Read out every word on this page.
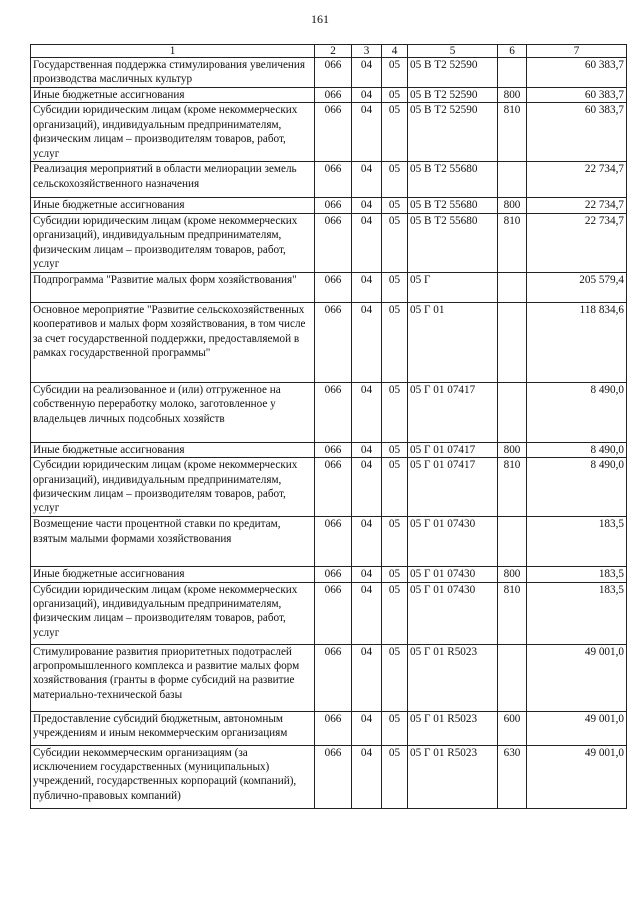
161
1	2	3	4	5	6	7
Государственная поддержка стимулирования увеличения производства масличных культур	066	04	05	05 В Т2 52590		60 383,7
Иные бюджетные ассигнования	066	04	05	05 В Т2 52590	800	60 383,7
Субсидии юридическим лицам (кроме некоммерческих организаций), индивидуальным предпринимателям, физическим лицам – производителям товаров, работ, услуг	066	04	05	05 В Т2 52590	810	60 383,7
Реализация мероприятий в области мелиорации земель сельскохозяйственного назначения	066	04	05	05 В Т2 55680		22 734,7
Иные бюджетные ассигнования	066	04	05	05 В Т2 55680	800	22 734,7
Субсидии юридическим лицам (кроме некоммерческих организаций), индивидуальным предпринимателям, физическим лицам – производителям товаров, работ, услуг	066	04	05	05 В Т2 55680	810	22 734,7
Подпрограмма "Развитие малых форм хозяйствования"	066	04	05	05 Г		205 579,4
Основное мероприятие "Развитие сельскохозяйственных кооперативов и малых форм хозяйствования, в том числе за счет государственной поддержки, предоставляемой в рамках государственной программы"	066	04	05	05 Г 01		118 834,6
Субсидии на реализованное и (или) отгруженное на собственную переработку молоко, заготовленное у владельцев личных подсобных хозяйств	066	04	05	05 Г 01 07417		8 490,0
Иные бюджетные ассигнования	066	04	05	05 Г 01 07417	800	8 490,0
Субсидии юридическим лицам (кроме некоммерческих организаций), индивидуальным предпринимателям, физическим лицам – производителям товаров, работ, услуг	066	04	05	05 Г 01 07417	810	8 490,0
Возмещение части процентной ставки по кредитам, взятым малыми формами хозяйствования	066	04	05	05 Г 01 07430		183,5
Иные бюджетные ассигнования	066	04	05	05 Г 01 07430	800	183,5
Субсидии юридическим лицам (кроме некоммерческих организаций), индивидуальным предпринимателям, физическим лицам – производителям товаров, работ, услуг	066	04	05	05 Г 01 07430	810	183,5
Стимулирование развития приоритетных подотраслей агропромышленного комплекса и развитие малых форм хозяйствования (гранты в форме субсидий на развитие материально-технической базы	066	04	05	05 Г 01 R5023		49 001,0
Предоставление субсидий бюджетным, автономным учреждениям и иным некоммерческим организациям	066	04	05	05 Г 01 R5023	600	49 001,0
Субсидии некоммерческим организациям (за исключением государственных (муниципальных) учреждений, государственных корпораций (компаний), публично-правовых компаний)	066	04	05	05 Г 01 R5023	630	49 001,0
